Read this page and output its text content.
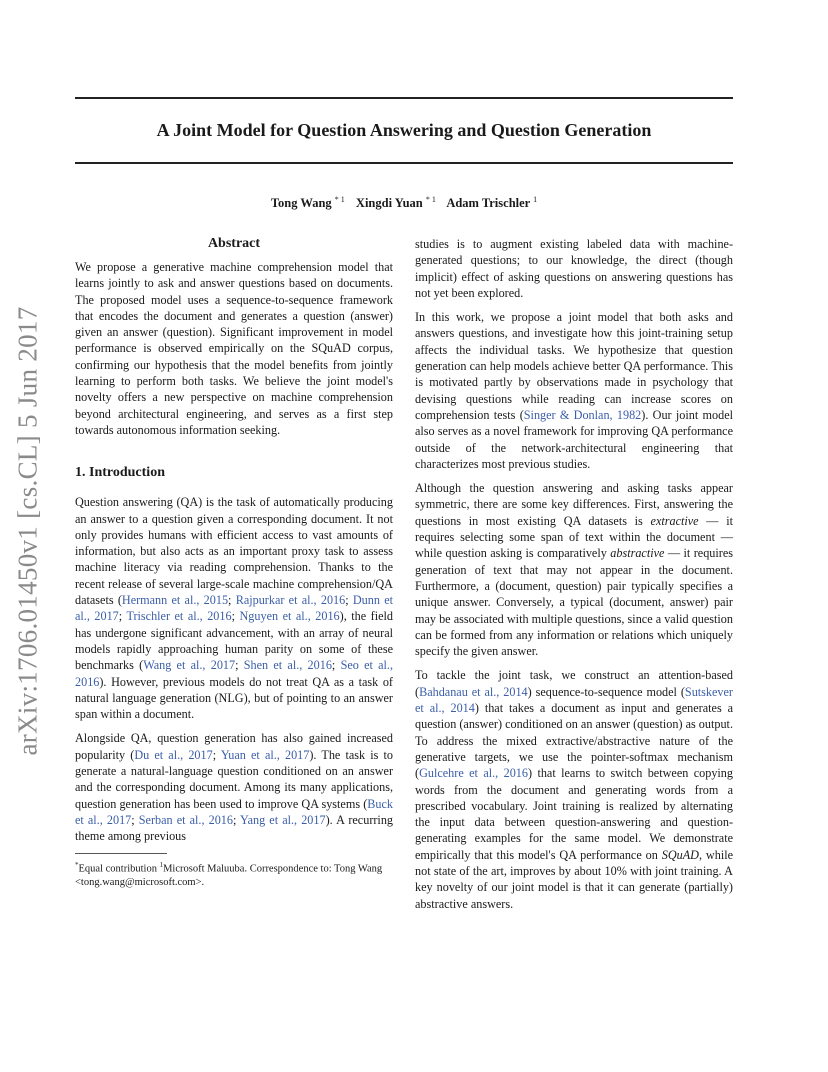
A Joint Model for Question Answering and Question Generation
Tong Wang $^{* 1}$ Xingdi Yuan $^{* 1}$ Adam Trischler $^1$
arXiv:1706.01450v1 [cs.CL] 5 Jun 2017
Abstract

We propose a generative machine comprehension model that learns jointly to ask and answer questions based on documents. The proposed model uses a sequence-to-sequence framework that encodes the document and generates a question (answer) given an answer (question). Significant improvement in model performance is observed empirically on the SQuAD corpus, confirming our hypothesis that the model benefits from jointly learning to perform both tasks. We believe the joint model's novelty offers a new perspective on machine comprehension beyond architectural engineering, and serves as a first step towards autonomous information seeking.

1. Introduction

Question answering (QA) is the task of automatically producing an answer to a question given a corresponding document. It not only provides humans with efficient access to vast amounts of information, but also acts as an important proxy task to assess machine literacy via reading comprehension. Thanks to the recent release of several large-scale machine comprehension/QA datasets (Hermann et al., 2015; Rajpurkar et al., 2016; Dunn et al., 2017; Trischler et al., 2016; Nguyen et al., 2016), the field has undergone significant advancement, with an array of neural models rapidly approaching human parity on some of these benchmarks (Wang et al., 2017; Shen et al., 2016; Seo et al., 2016). However, previous models do not treat QA as a task of natural language generation (NLG), but of pointing to an answer span within a document.

Alongside QA, question generation has also gained increased popularity (Du et al., 2017; Yuan et al., 2017). The task is to generate a natural-language question conditioned on an answer and the corresponding document. Among its many applications, question generation has been used to improve QA systems (Buck et al., 2017; Serban et al., 2016; Yang et al., 2017). A recurring theme among previous

*Equal contribution $^1$Microsoft Maluuba. Correspondence to: Tong Wang <tong.wang@microsoft.com>.

studies is to augment existing labeled data with machine-generated questions; to our knowledge, the direct (though implicit) effect of asking questions on answering questions has not yet been explored.

In this work, we propose a joint model that both asks and answers questions, and investigate how this joint-training setup affects the individual tasks. We hypothesize that question generation can help models achieve better QA performance. This is motivated partly by observations made in psychology that devising questions while reading can increase scores on comprehension tests (Singer & Donlan, 1982). Our joint model also serves as a novel framework for improving QA performance outside of the network-architectural engineering that characterizes most previous studies.

Although the question answering and asking tasks appear symmetric, there are some key differences. First, answering the questions in most existing QA datasets is extractive — it requires selecting some span of text within the document — while question asking is comparatively abstractive — it requires generation of text that may not appear in the document. Furthermore, a (document, question) pair typically specifies a unique answer. Conversely, a typical (document, answer) pair may be associated with multiple questions, since a valid question can be formed from any information or relations which uniquely specify the given answer.

To tackle the joint task, we construct an attention-based (Bahdanau et al., 2014) sequence-to-sequence model (Sutskever et al., 2014) that takes a document as input and generates a question (answer) conditioned on an answer (question) as output. To address the mixed extractive/abstractive nature of the generative targets, we use the pointer-softmax mechanism (Gulcehre et al., 2016) that learns to switch between copying words from the document and generating words from a prescribed vocabulary. Joint training is realized by alternating the input data between question-answering and question-generating examples for the same model. We demonstrate empirically that this model's QA performance on SQuAD, while not state of the art, improves by about 10% with joint training. A key novelty of our joint model is that it can generate (partially) abstractive answers.
